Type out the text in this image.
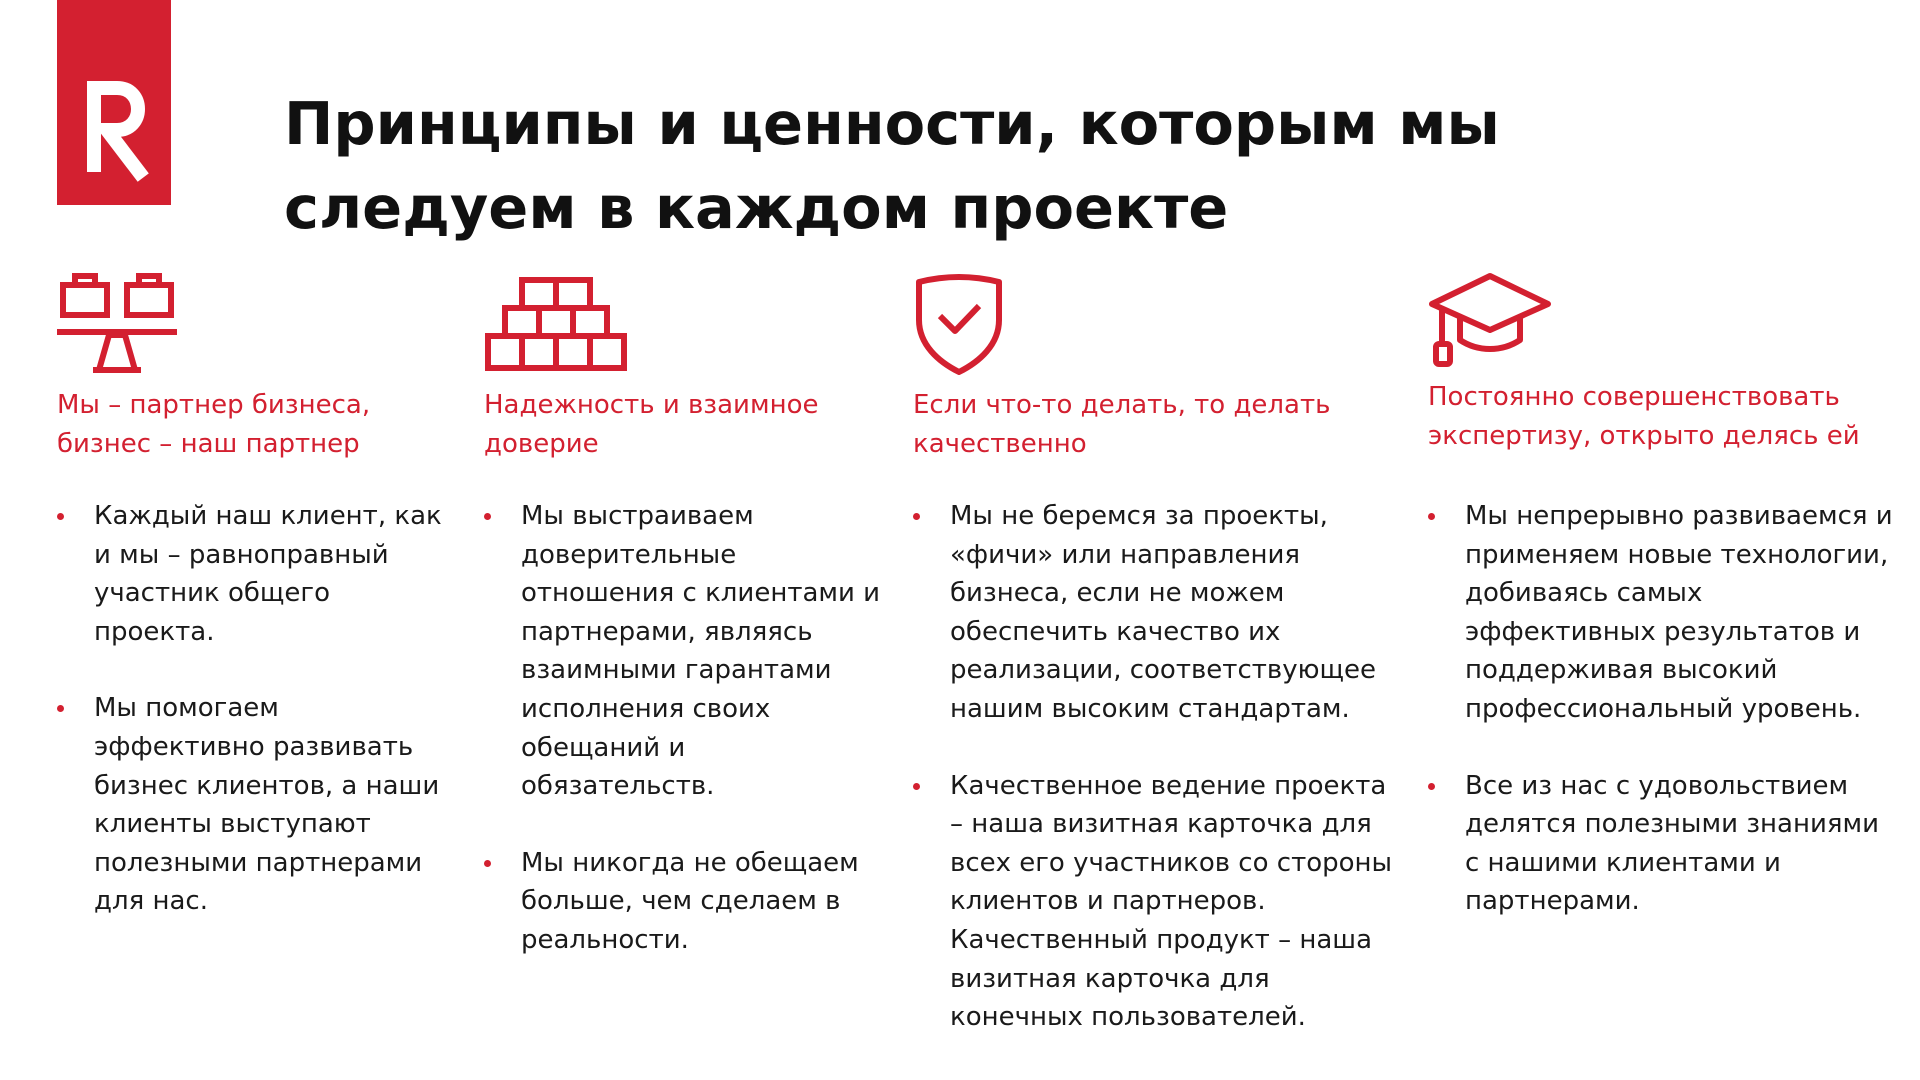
Принципы и ценности, которым мы следуем в каждом проекте
Мы – партнер бизнеса, бизнес – наш партнер
Каждый наш клиент, как и мы – равноправный участник общего проекта.
Мы помогаем эффективно развивать бизнес клиентов, а наши клиенты выступают полезными партнерами для нас.
Надежность и взаимное доверие
Мы выстраиваем доверительные отношения с клиентами и партнерами, являясь взаимными гарантами исполнения своих обещаний и обязательств.
Мы никогда не обещаем больше, чем сделаем в реальности.
Если что-то делать, то делать качественно
Мы не беремся за проекты, «фичи» или направления бизнеса, если не можем обеспечить качество их реализации, соответствующее нашим высоким стандартам.
Качественное ведение проекта – наша визитная карточка для всех его участников со стороны клиентов и партнеров. Качественный продукт – наша визитная карточка для конечных пользователей.
Постоянно совершенствовать экспертизу, открыто делясь ей
Мы непрерывно развиваемся и применяем новые технологии, добиваясь самых эффективных результатов и поддерживая высокий профессиональный уровень.
Все из нас с удовольствием делятся полезными знаниями с нашими клиентами и партнерами.
